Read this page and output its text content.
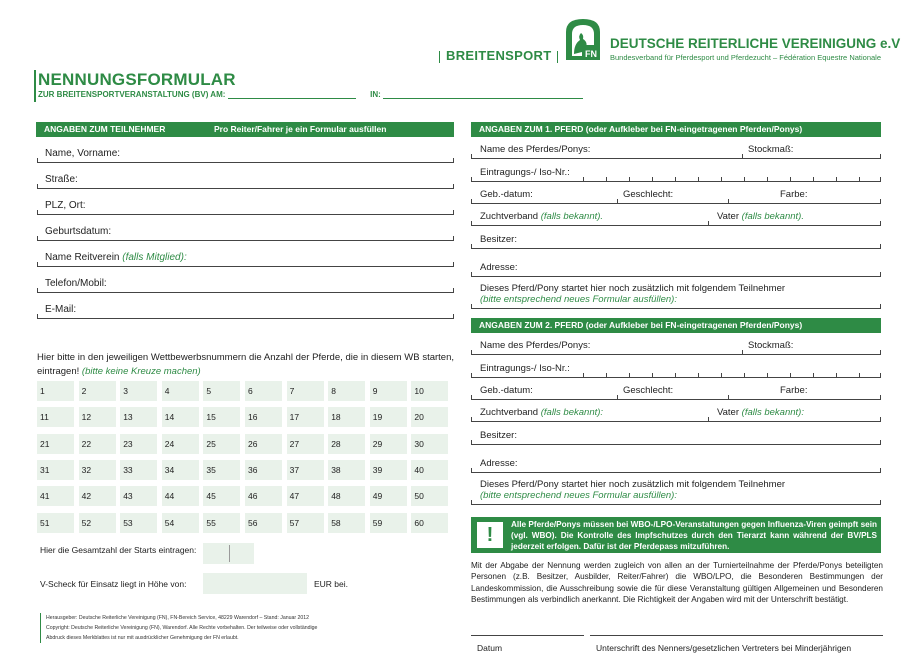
BREITENSPORT	FN
DEUTSCHE REITERLICHE VEREINIGUNG e.V
Bundesverband für Pferdesport und Pferdezucht – Fédération Equestre Nationale
NENNUNGSFORMULAR
ZUR BREITENSPORTVERANSTALTUNG (BV) AM:	IN:
ANGABEN ZUM TEILNEHMER	Pro Reiter/Fahrer je ein Formular ausfüllen
Name, Vorname:
Straße:
PLZ, Ort:
Geburtsdatum:
Name Reitverein (falls Mitglied):
Telefon/Mobil:
E-Mail:
Hier bitte in den jeweiligen Wettbewerbsnummern die Anzahl der Pferde, die in diesem WB starten, eintragen! (bitte keine Kreuze machen)
1	2	3	4	5	6	7	8	9	10
11	12	13	14	15	16	17	18	19	20
21	22	23	24	25	26	27	28	29	30
31	32	33	34	35	36	37	38	39	40
41	42	43	44	45	46	47	48	49	50
51	52	53	54	55	56	57	58	59	60
Hier die Gesamtzahl der Starts eintragen:
V-Scheck für Einsatz liegt in Höhe von:	EUR bei.
Herausgeber: Deutsche Reiterliche Vereinigung (FN), FN-Bereich Service, 48229 Warendorf – Stand: Januar 2012
Copyright: Deutsche Reiterliche Vereinigung (FN), Warendorf. Alle Rechte vorbehalten. Der teilweise oder vollständige
Abdruck dieses Merkblattes ist nur mit ausdrücklicher Genehmigung der FN erlaubt.
ANGABEN ZUM 1. PFERD (oder Aufkleber bei FN-eingetragenen Pferden/Ponys)
Name des Pferdes/Ponys:	Stockmaß:
Eintragungs-/ Iso-Nr.:
Geb.-datum:	Geschlecht:	Farbe:
Zuchtverband (falls bekannt).	Vater (falls bekannt).
Besitzer:
Adresse:
Dieses Pferd/Pony startet hier noch zusätzlich mit folgendem Teilnehmer
(bitte entsprechend neues Formular ausfüllen):
ANGABEN ZUM 2. PFERD (oder Aufkleber bei FN-eingetragenen Pferden/Ponys)
Name des Pferdes/Ponys:	Stockmaß:
Eintragungs-/ Iso-Nr.:
Geb.-datum:	Geschlecht:	Farbe:
Zuchtverband (falls bekannt):	Vater (falls bekannt):
Besitzer:
Adresse:
Dieses Pferd/Pony startet hier noch zusätzlich mit folgendem Teilnehmer
(bitte entsprechend neues Formular ausfüllen):
!	Alle Pferde/Ponys müssen bei WBO-/LPO-Veranstaltungen gegen Influenza-Viren geimpft sein (vgl. WBO). Die Kontrolle des Impfschutzes durch den Tierarzt kann während der BV/PLS jederzeit erfolgen. Dafür ist der Pferdepass mitzuführen.
Mit der Abgabe der Nennung werden zugleich von allen an der Turnierteilnahme der Pferde/Ponys beteiligten Personen (z.B. Besitzer, Ausbilder, Reiter/Fahrer) die WBO/LPO, die Besonderen Bestimmungen der Landeskommission, die Ausschreibung sowie die für diese Veranstaltung gültigen Allgemeinen und Besonderen Bestimmungen als verbindlich anerkannt. Die Richtigkeit der Angaben wird mit der Unterschrift bestätigt.
Datum	Unterschrift des Nenners/gesetzlichen Vertreters bei Minderjährigen
